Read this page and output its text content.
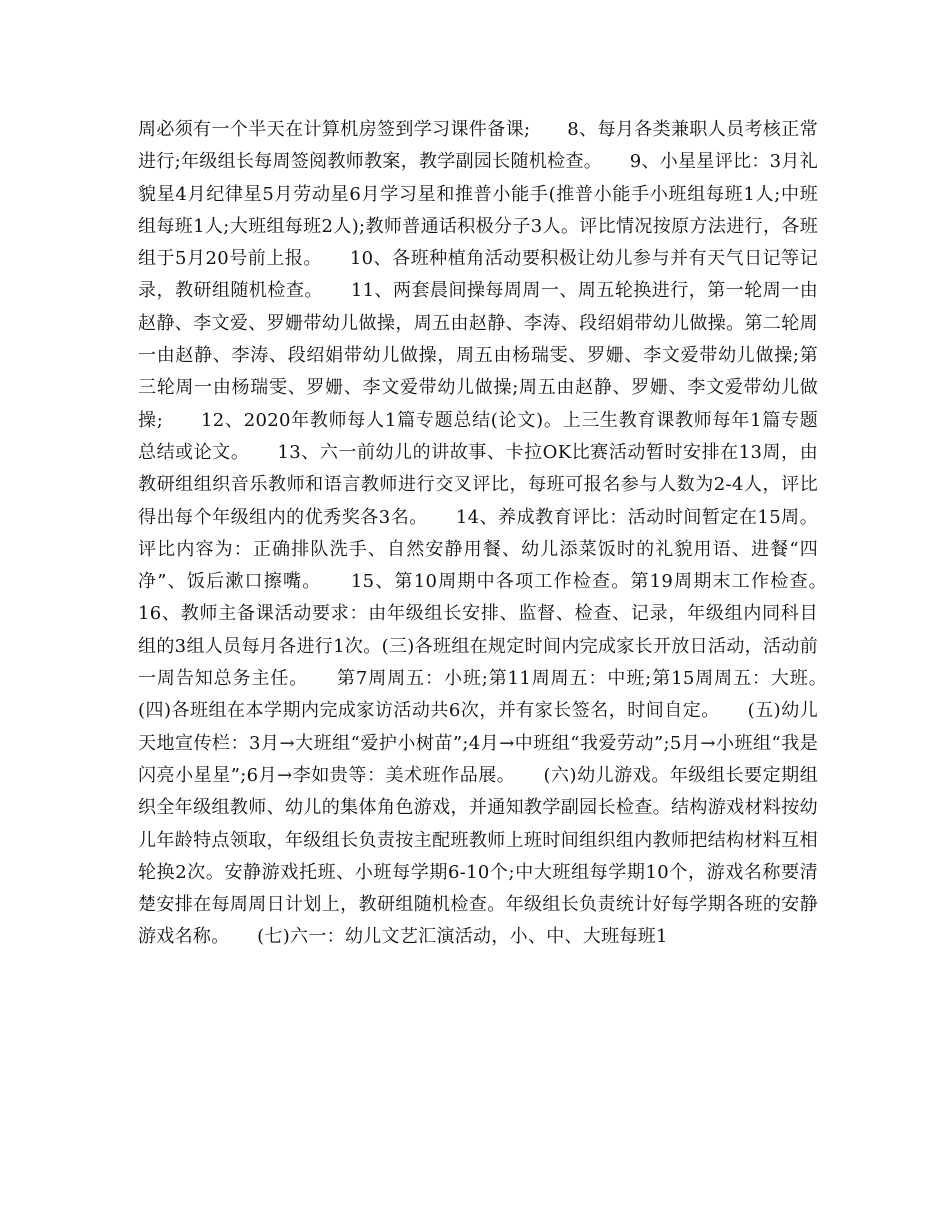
周必须有一个半天在计算机房签到学习课件备课;　　8、每月各类兼职人员考核正常进行;年级组长每周签阅教师教案，教学副园长随机检查。　　9、小星星评比：3月礼貌星4月纪律星5月劳动星6月学习星和推普小能手(推普小能手小班组每班1人;中班组每班1人;大班组每班2人);教师普通话积极分子3人。评比情况按原方法进行，各班组于5月20号前上报。　　10、各班种植角活动要积极让幼儿参与并有天气日记等记录，教研组随机检查。　　11、两套晨间操每周周一、周五轮换进行，第一轮周一由赵静、李文爱、罗姗带幼儿做操，周五由赵静、李涛、段绍娟带幼儿做操。第二轮周一由赵静、李涛、段绍娟带幼儿做操，周五由杨瑞雯、罗姗、李文爱带幼儿做操;第三轮周一由杨瑞雯、罗姗、李文爱带幼儿做操;周五由赵静、罗姗、李文爱带幼儿做操;　　12、2020年教师每人1篇专题总结(论文)。上三生教育课教师每年1篇专题总结或论文。　　13、六一前幼儿的讲故事、卡拉OK比赛活动暂时安排在13周，由教研组组织音乐教师和语言教师进行交叉评比，每班可报名参与人数为2-4人，评比得出每个年级组内的优秀奖各3名。　　14、养成教育评比：活动时间暂定在15周。评比内容为：正确排队洗手、自然安静用餐、幼儿添菜饭时的礼貌用语、进餐“四净”、饭后漱口擦嘴。　　15、第10周期中各项工作检查。第19周期末工作检查。　　16、教师主备课活动要求：由年级组长安排、监督、检查、记录，年级组内同科目组的3组人员每月各进行1次。(三)各班组在规定时间内完成家长开放日活动，活动前一周告知总务主任。　　第7周周五：小班;第11周周五：中班;第15周周五：大班。　　(四)各班组在本学期内完成家访活动共6次，并有家长签名，时间自定。　　(五)幼儿天地宣传栏：3月→大班组“爱护小树苗”;4月→中班组“我爱劳动”;5月→小班组“我是闪亮小星星”;6月→李如贵等：美术班作品展。　　(六)幼儿游戏。年级组长要定期组织全年级组教师、幼儿的集体角色游戏，并通知教学副园长检查。结构游戏材料按幼儿年龄特点领取，年级组长负责按主配班教师上班时间组织组内教师把结构材料互相轮换2次。安静游戏托班、小班每学期6-10个;中大班组每学期10个，游戏名称要清楚安排在每周周日计划上，教研组随机检查。年级组长负责统计好每学期各班的安静游戏名称。　　(七)六一：幼儿文艺汇演活动，小、中、大班每班1
